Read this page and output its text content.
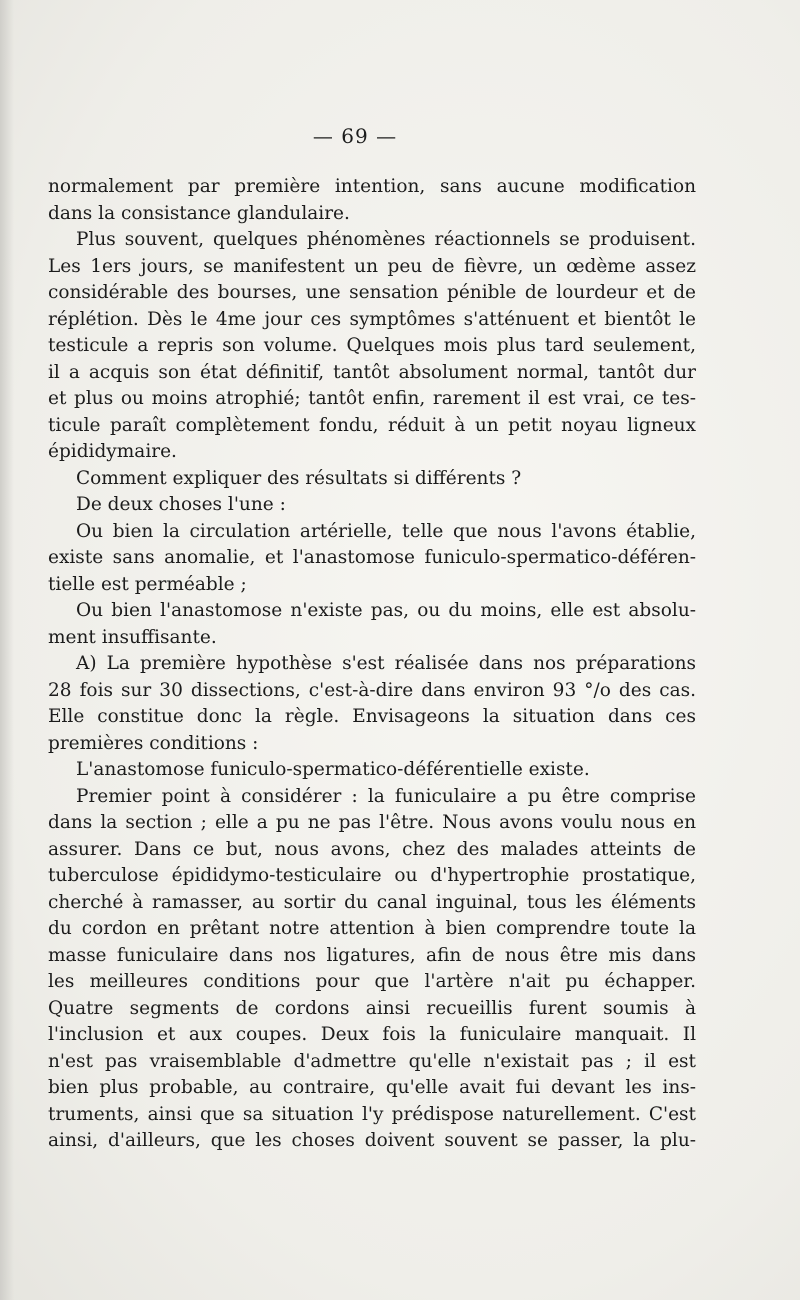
— 69 —

normalement par première intention, sans aucune modification

dans la consistance glandulaire.

Plus souvent, quelques phénomènes réactionnels se produisent.

Les 1ers jours, se manifestent un peu de fièvre, un œdème assez

considérable des bourses, une sensation pénible de lourdeur et de

réplétion. Dès le 4me jour ces symptômes s'atténuent et bientôt le

testicule a repris son volume. Quelques mois plus tard seulement,

il a acquis son état définitif, tantôt absolument normal, tantôt dur

et plus ou moins atrophié; tantôt enfin, rarement il est vrai, ce tes-

ticule paraît complètement fondu, réduit à un petit noyau ligneux

épididymaire.

Comment expliquer des résultats si différents ?

De deux choses l'une :

Ou bien la circulation artérielle, telle que nous l'avons établie,

existe sans anomalie, et l'anastomose funiculo-spermatico-déféren-

tielle est perméable ;

Ou bien l'anastomose n'existe pas, ou du moins, elle est absolu-

ment insuffisante.

A) La première hypothèse s'est réalisée dans nos préparations

28 fois sur 30 dissections, c'est-à-dire dans environ 93 °/o des cas.

Elle constitue donc la règle. Envisageons la situation dans ces

premières conditions :

L'anastomose funiculo-spermatico-déférentielle existe.

Premier point à considérer : la funiculaire a pu être comprise

dans la section ; elle a pu ne pas l'être. Nous avons voulu nous en

assurer. Dans ce but, nous avons, chez des malades atteints de

tuberculose épididymo-testiculaire ou d'hypertrophie prostatique,

cherché à ramasser, au sortir du canal inguinal, tous les éléments

du cordon en prêtant notre attention à bien comprendre toute la

masse funiculaire dans nos ligatures, afin de nous être mis dans

les meilleures conditions pour que l'artère n'ait pu échapper.

Quatre segments de cordons ainsi recueillis furent soumis à

l'inclusion et aux coupes. Deux fois la funiculaire manquait. Il

n'est pas vraisemblable d'admettre qu'elle n'existait pas ; il est

bien plus probable, au contraire, qu'elle avait fui devant les ins-

truments, ainsi que sa situation l'y prédispose naturellement. C'est

ainsi, d'ailleurs, que les choses doivent souvent se passer, la plu-
